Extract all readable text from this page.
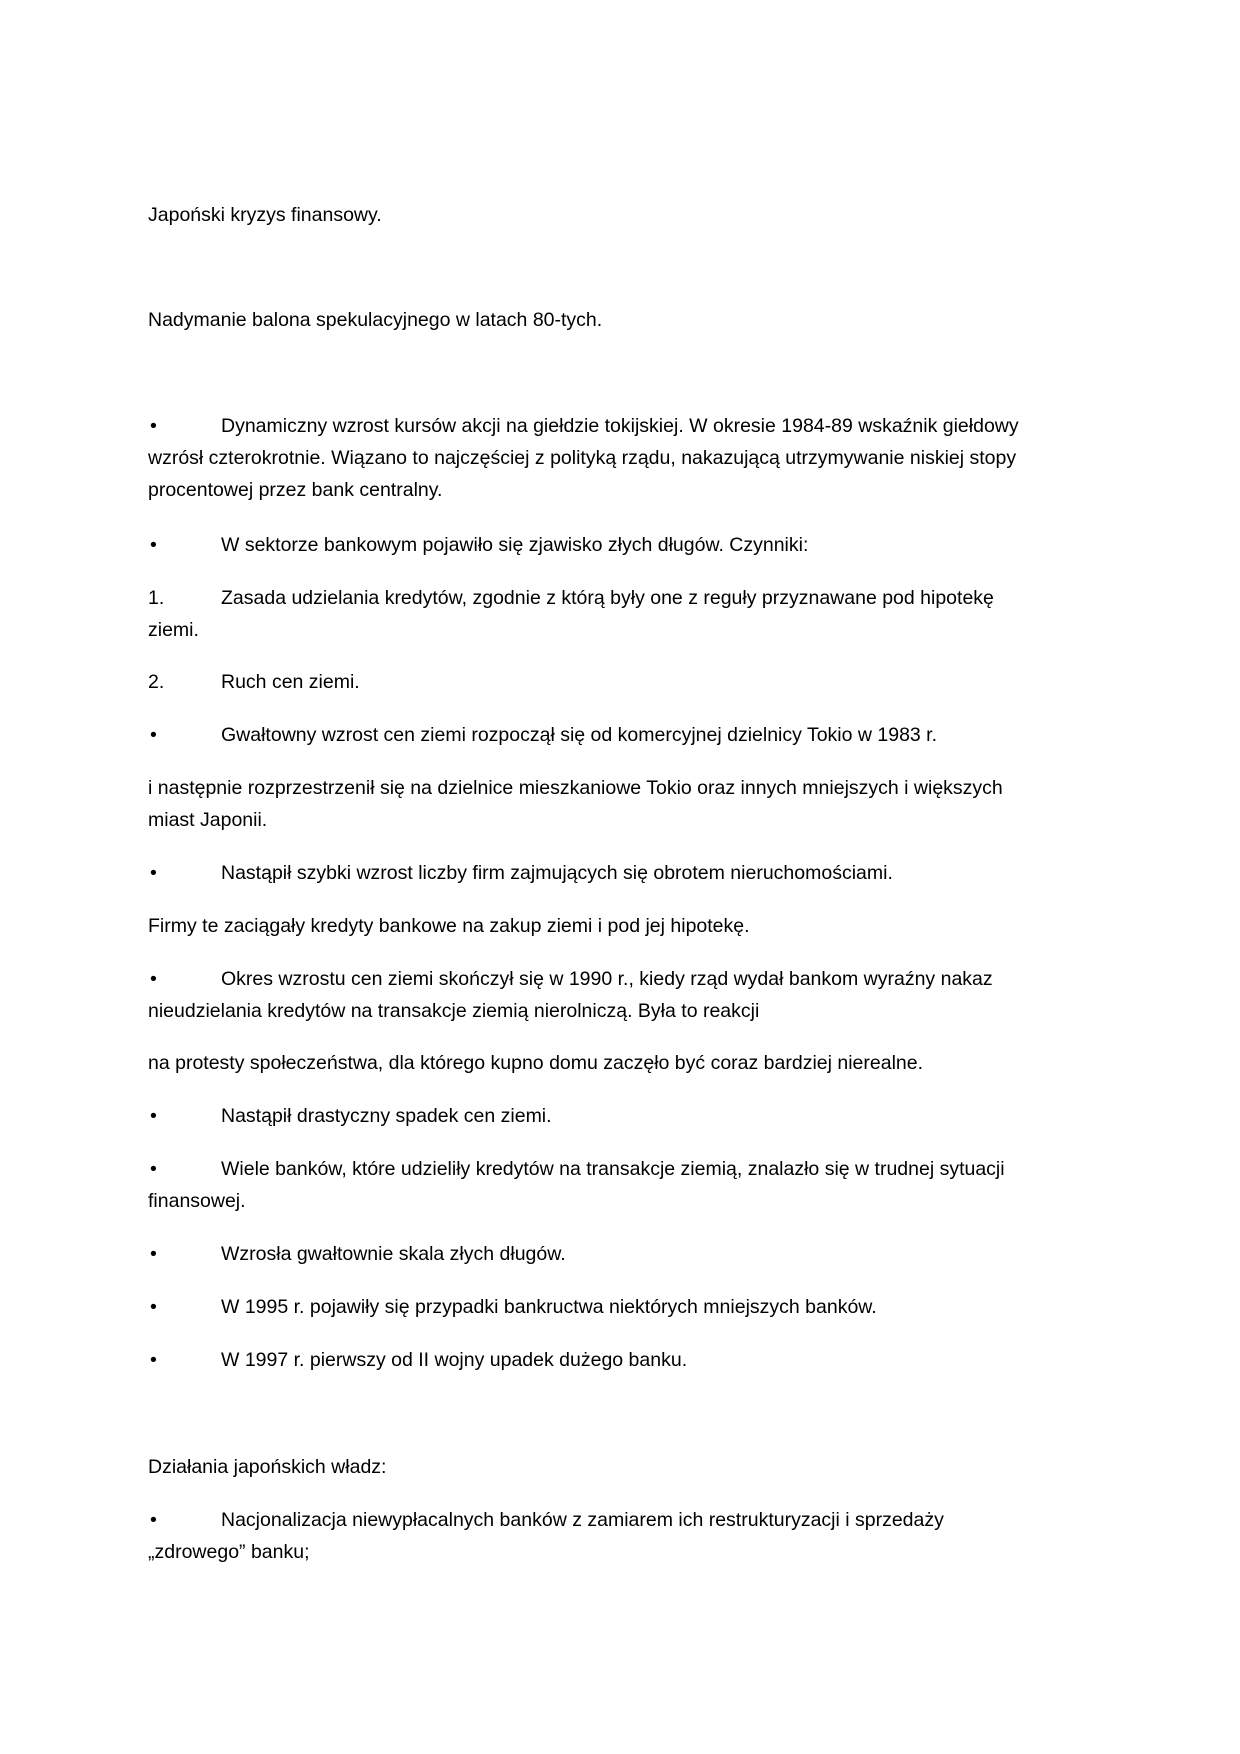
Japoński kryzys finansowy.
Nadymanie balona spekulacyjnego w latach 80-tych.
•	Dynamiczny wzrost kursów akcji na giełdzie tokijskiej. W okresie 1984-89 wskaźnik giełdowy
wzrósł czterokrotnie. Wiązano to najczęściej z polityką rządu, nakazującą utrzymywanie niskiej stopy
procentowej przez bank centralny.
•	W sektorze bankowym pojawiło się zjawisko złych długów. Czynniki:
1.	Zasada udzielania kredytów, zgodnie z którą były one z reguły przyznawane pod hipotekę
ziemi.
2.	Ruch cen ziemi.
•	Gwałtowny wzrost cen ziemi rozpoczął się od komercyjnej dzielnicy Tokio w 1983 r.
i następnie rozprzestrzenił się na dzielnice mieszkaniowe Tokio oraz innych mniejszych i większych
miast Japonii.
•	Nastąpił szybki wzrost liczby firm zajmujących się obrotem nieruchomościami.
Firmy te zaciągały kredyty bankowe na zakup ziemi i pod jej hipotekę.
•	Okres wzrostu cen ziemi skończył się w 1990 r., kiedy rząd wydał bankom wyraźny nakaz
nieudzielania kredytów na transakcje ziemią nierolniczą. Była to reakcji
na protesty społeczeństwa, dla którego kupno domu zaczęło być coraz bardziej nierealne.
•	Nastąpił drastyczny spadek cen ziemi.
•	Wiele banków, które udzieliły kredytów na transakcje ziemią, znalazło się w trudnej sytuacji
finansowej.
•	Wzrosła gwałtownie skala złych długów.
•	W 1995 r. pojawiły się przypadki bankructwa niektórych mniejszych banków.
•	W 1997 r. pierwszy od II wojny upadek dużego banku.
Działania japońskich władz:
•	Nacjonalizacja niewypłacalnych banków z zamiarem ich restrukturyzacji i sprzedaży
„zdrowego” banku;
